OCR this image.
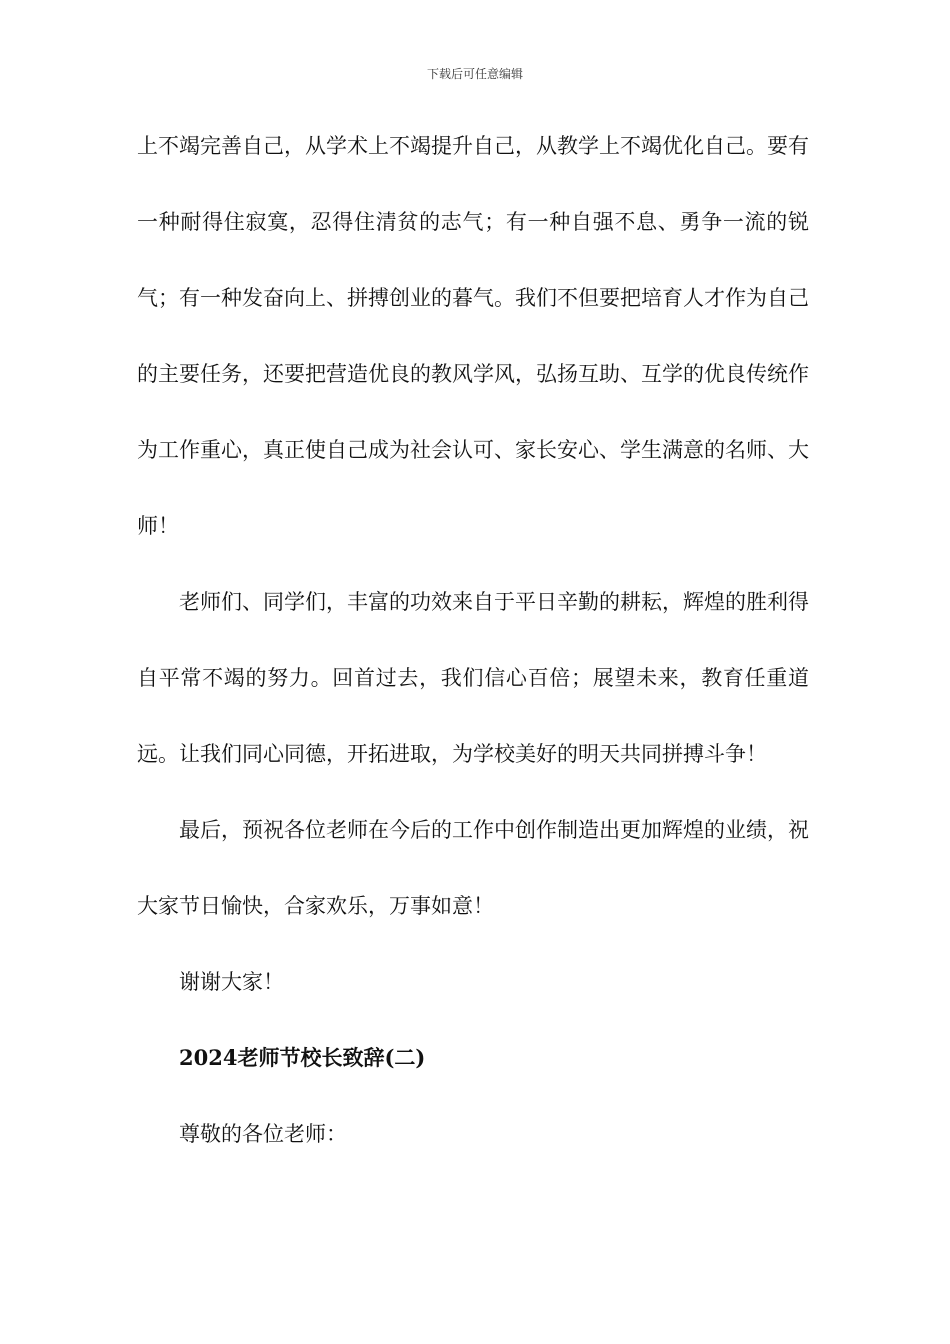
下载后可任意编辑

上不竭完善自己，从学术上不竭提升自己，从教学上不竭优化自己。要有一种耐得住寂寞，忍得住清贫的志气；有一种自强不息、勇争一流的锐气；有一种发奋向上、拼搏创业的暮气。我们不但要把培育人才作为自己的主要任务，还要把营造优良的教风学风，弘扬互助、互学的优良传统作为工作重心，真正使自己成为社会认可、家长安心、学生满意的名师、大师！

老师们、同学们，丰富的功效来自于平日辛勤的耕耘，辉煌的胜利得自平常不竭的努力。回首过去，我们信心百倍；展望未来，教育任重道远。让我们同心同德，开拓进取，为学校美好的明天共同拼搏斗争！

最后，预祝各位老师在今后的工作中创作制造出更加辉煌的业绩，祝大家节日愉快，合家欢乐，万事如意！

谢谢大家！

2024老师节校长致辞(二)

尊敬的各位老师：
